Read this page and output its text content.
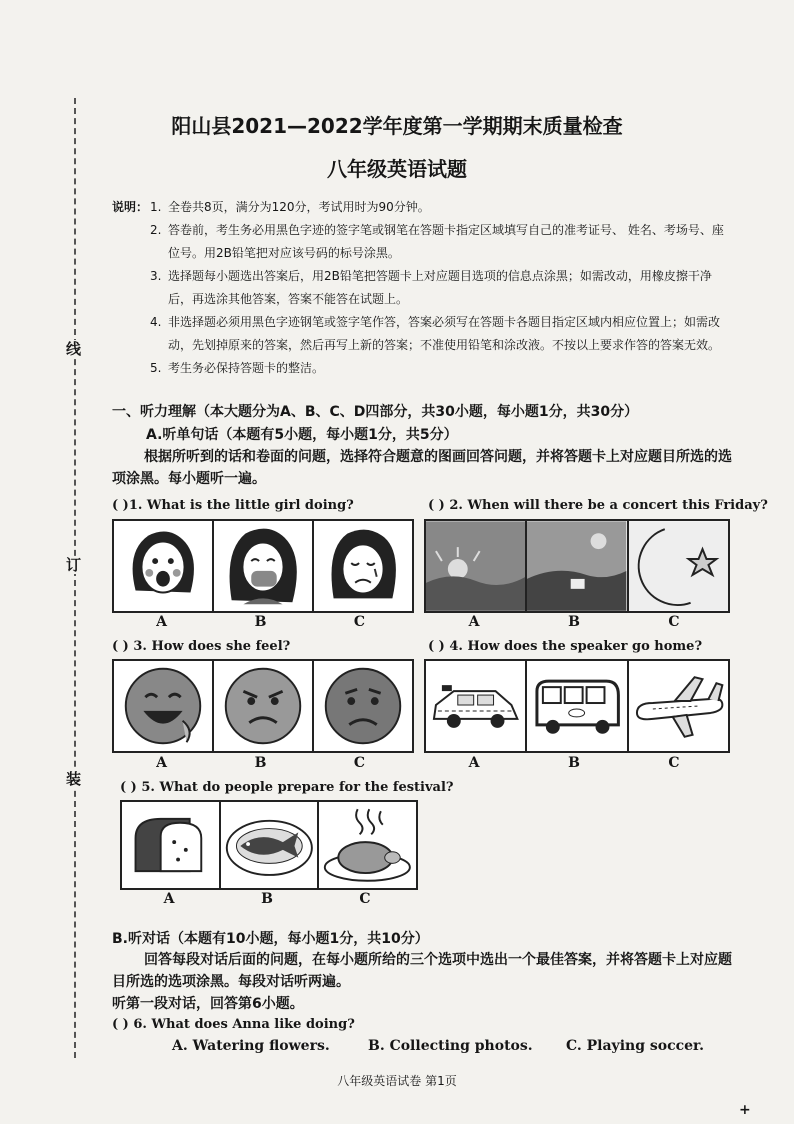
线
订
装
阳山县2021—2022学年度第一学期期末质量检查
八年级英语试题
说明： 1. 全卷共8页，满分为120分，考试用时为90分钟。
2. 答卷前，考生务必用黑色字迹的签字笔或钢笔在答题卡指定区域填写自己的准考证号、 姓名、考场号、座位号。用2B铅笔把对应该号码的标号涂黑。
3. 选择题每小题选出答案后，用2B铅笔把答题卡上对应题目选项的信息点涂黑；如需改动，用橡皮擦干净后，再选涂其他答案，答案不能答在试题上。
4. 非选择题必须用黑色字迹钢笔或签字笔作答，答案必须写在答题卡各题目指定区域内相应位置上；如需改动，先划掉原来的答案，然后再写上新的答案；不准使用铅笔和涂改液。不按以上要求作答的答案无效。
5. 考生务必保持答题卡的整洁。
一、听力理解（本大题分为A、B、C、D四部分，共30小题，每小题1分，共30分）
A.听单句话（本题有5小题，每小题1分，共5分）
根据所听到的话和卷面的问题，选择符合题意的图画回答问题，并将答题卡上对应题目所选的选项涂黑。每小题听一遍。
( )1. What is the little girl doing?
A	B	C
( ) 2. When will there be a concert this Friday?
A	B	C
( ) 3. How does she feel?
A	B	C
( ) 4. How does the speaker go home?
A	B	C
( ) 5. What do people prepare for the festival?
A	B	C
B.听对话（本题有10小题，每小题1分，共10分）
回答每段对话后面的问题，在每小题所给的三个选项中选出一个最佳答案，并将答题卡上对应题目所选的选项涂黑。每段对话听两遍。
听第一段对话，回答第6小题。
( ) 6. What does Anna like doing?
A. Watering flowers.	B. Collecting photos. C. Playing soccer.
八年级英语试卷 第1页
+
